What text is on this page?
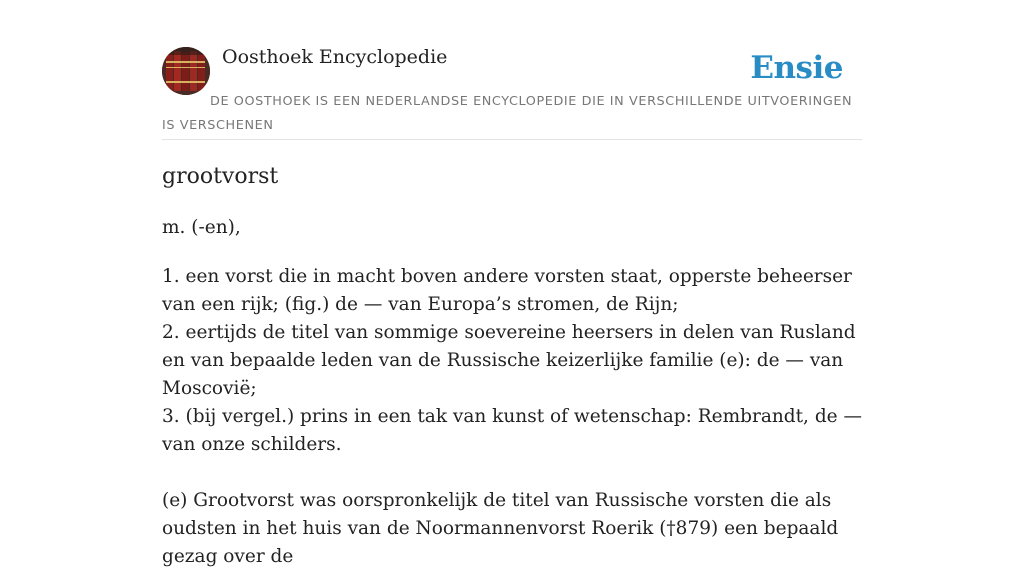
Oosthoek Encyclopedie	Ensie
DE OOSTHOEK IS EEN NEDERLANDSE ENCYCLOPEDIE DIE IN VERSCHILLENDE UITVOERINGEN IS VERSCHENEN
grootvorst
m. (-en),

1. een vorst die in macht boven andere vorsten staat, opperste beheerser van een rijk; (fig.) de — van Europa’s stromen, de Rijn;

2. eertijds de titel van sommige soevereine heersers in delen van Rusland en van bepaalde leden van de Russische keizerlijke familie (e): de — van Moscovië;

3. (bij vergel.) prins in een tak van kunst of wetenschap: Rembrandt, de — van onze schilders.

(e) Grootvorst was oorspronkelijk de titel van Russische vorsten die als oudsten in het huis van de Noormannenvorst Roerik (†879) een bepaald gezag over de
